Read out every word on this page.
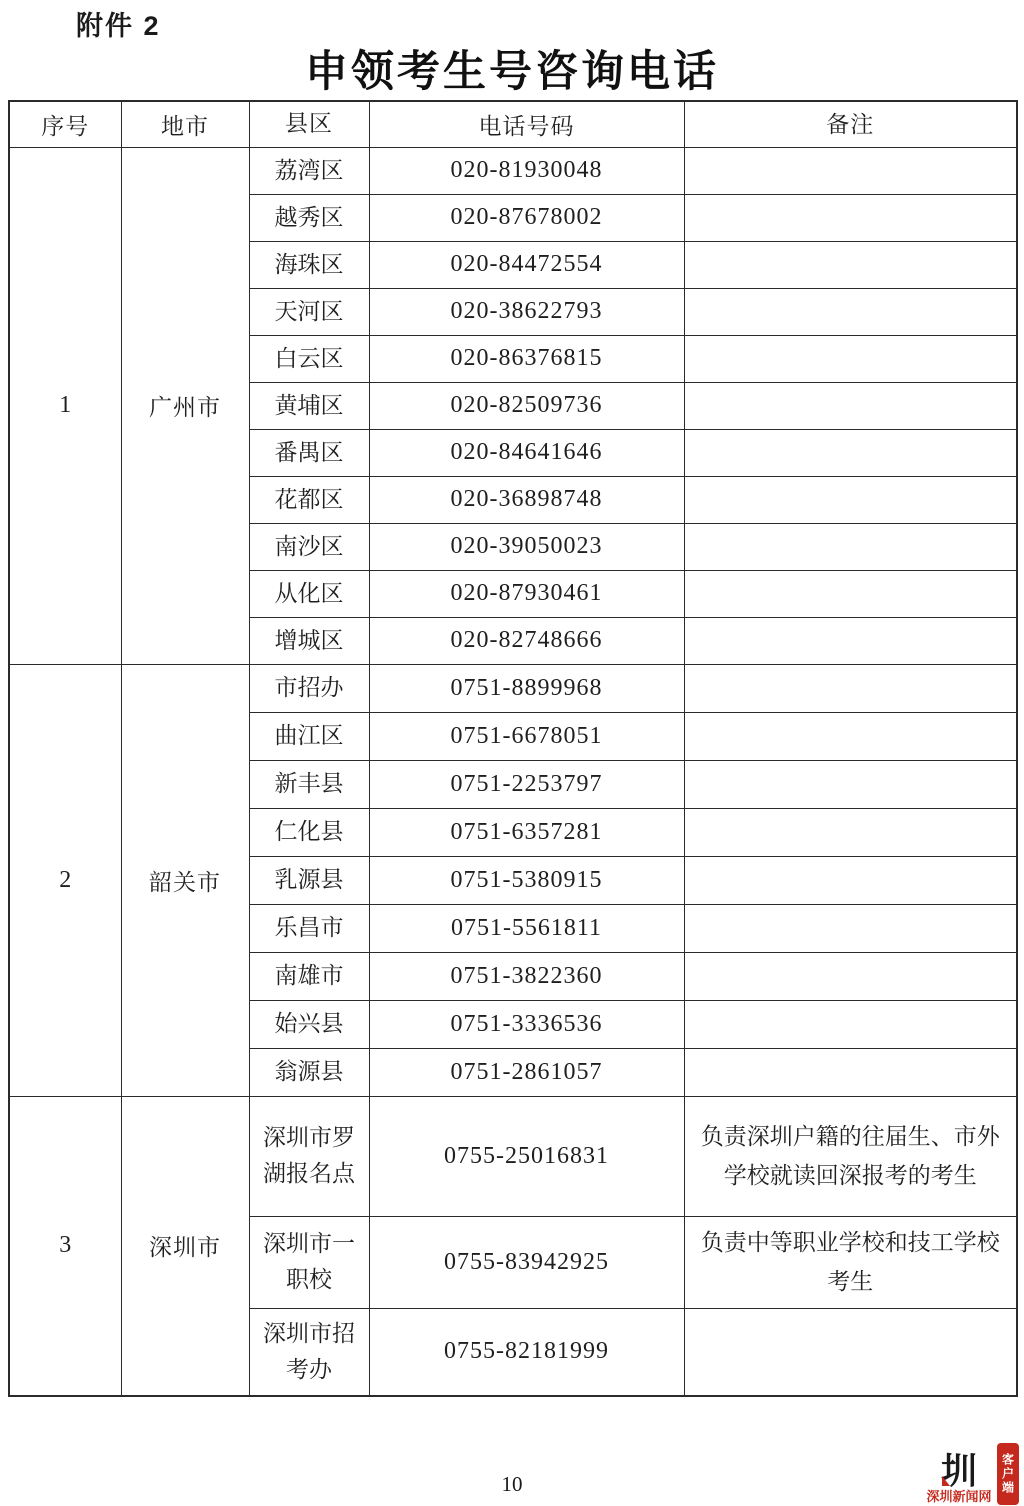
附件 2
申领考生号咨询电话
序号	地市	县区	电话号码	备注
1	广州市	荔湾区	020-81930048	
		越秀区	020-87678002	
		海珠区	020-84472554	
		天河区	020-38622793	
		白云区	020-86376815	
		黄埔区	020-82509736	
		番禺区	020-84641646	
		花都区	020-36898748	
		南沙区	020-39050023	
		从化区	020-87930461	
		增城区	020-82748666	
2	韶关市	市招办	0751-8899968	
		曲江区	0751-6678051	
		新丰县	0751-2253797	
		仁化县	0751-6357281	
		乳源县	0751-5380915	
		乐昌市	0751-5561811	
		南雄市	0751-3822360	
		始兴县	0751-3336536	
		翁源县	0751-2861057	
3	深圳市	深圳市罗湖报名点	0755-25016831	负责深圳户籍的往届生、市外学校就读回深报考的考生
		深圳市一职校	0755-83942925	负责中等职业学校和技工学校考生
		深圳市招考办	0755-82181999	
10	圳
深圳新闻网
客户端
